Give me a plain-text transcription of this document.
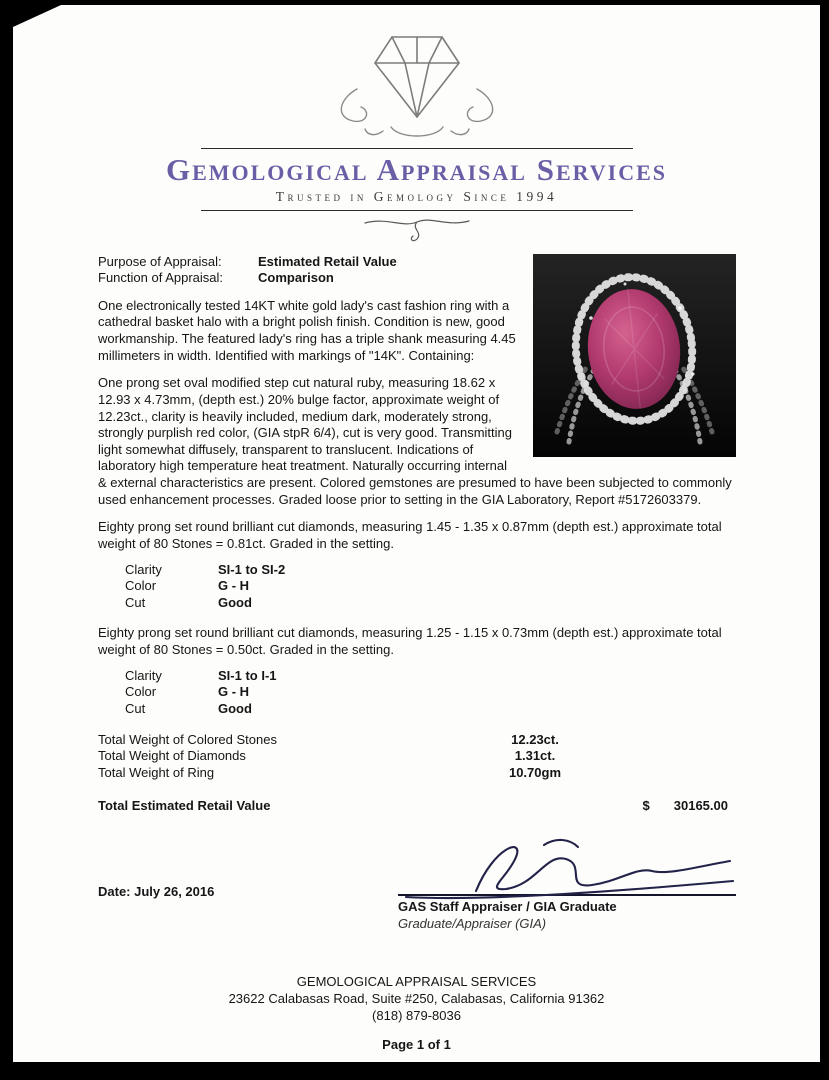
Gemological Appraisal Services
Trusted in Gemology Since 1994
Purpose of Appraisal:	Estimated Retail Value
Function of Appraisal:	Comparison

One electronically tested 14KT white gold lady's cast fashion ring with a cathedral basket halo with a bright polish finish. Condition is new, good workmanship. The featured lady's ring has a triple shank measuring 4.45 millimeters in width. Identified with markings of "14K". Containing:

One prong set oval modified step cut natural ruby, measuring 18.62 x 12.93 x 4.73mm, (depth est.) 20% bulge factor, approximate weight of 12.23ct., clarity is heavily included, medium dark, moderately strong, strongly purplish red color, (GIA stpR 6/4), cut is very good. Transmitting light somewhat diffusely, transparent to translucent. Indications of laboratory high temperature heat treatment. Naturally occurring internal & external characteristics are present. Colored gemstones are presumed to have been subjected to commonly used enhancement processes. Graded loose prior to setting in the GIA Laboratory, Report #5172603379.

Eighty prong set round brilliant cut diamonds, measuring 1.45 - 1.35 x 0.87mm (depth est.) approximate total weight of 80 Stones = 0.81ct. Graded in the setting.

Clarity	SI-1 to SI-2
Color	G - H
Cut	Good

Eighty prong set round brilliant cut diamonds, measuring 1.25 - 1.15 x 0.73mm (depth est.) approximate total weight of 80 Stones = 0.50ct. Graded in the setting.

Clarity	SI-1 to I-1
Color	G - H
Cut	Good
Total Weight of Colored Stones	12.23ct.
Total Weight of Diamonds	1.31ct.
Total Weight of Ring	10.70gm
Total Estimated Retail Value	$ 30165.00
Date: July 26, 2016
GAS Staff Appraiser / GIA Graduate
Graduate/Appraiser (GIA)
GEMOLOGICAL APPRAISAL SERVICES
23622 Calabasas Road, Suite #250, Calabasas, California 91362
(818) 879-8036
Page 1 of 1
